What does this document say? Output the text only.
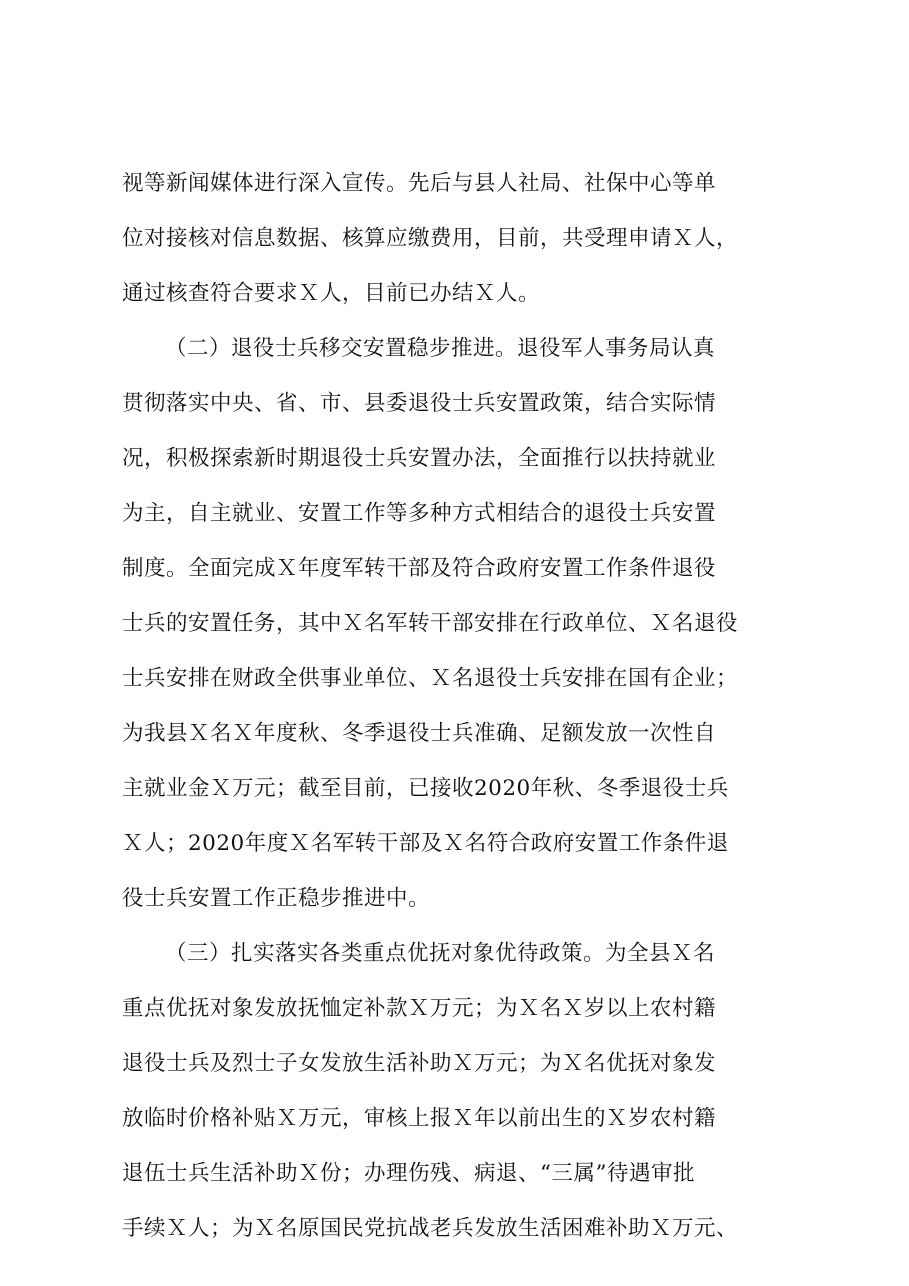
视等新闻媒体进行深入宣传。先后与县人社局、社保中心等单
位对接核对信息数据、核算应缴费用，目前，共受理申请Ｘ人，
通过核查符合要求Ｘ人，目前已办结Ｘ人。
（二）退役士兵移交安置稳步推进。退役军人事务局认真
贯彻落实中央、省、市、县委退役士兵安置政策，结合实际情
况，积极探索新时期退役士兵安置办法，全面推行以扶持就业
为主，自主就业、安置工作等多种方式相结合的退役士兵安置
制度。全面完成Ｘ年度军转干部及符合政府安置工作条件退役
士兵的安置任务，其中Ｘ名军转干部安排在行政单位、Ｘ名退役
士兵安排在财政全供事业单位、Ｘ名退役士兵安排在国有企业；
为我县Ｘ名Ｘ年度秋、冬季退役士兵准确、足额发放一次性自
主就业金Ｘ万元；截至目前，已接收2020年秋、冬季退役士兵
Ｘ人；2020年度Ｘ名军转干部及Ｘ名符合政府安置工作条件退
役士兵安置工作正稳步推进中。
（三）扎实落实各类重点优抚对象优待政策。为全县Ｘ名
重点优抚对象发放抚恤定补款Ｘ万元；为Ｘ名Ｘ岁以上农村籍
退役士兵及烈士子女发放生活补助Ｘ万元；为Ｘ名优抚对象发
放临时价格补贴Ｘ万元，审核上报Ｘ年以前出生的Ｘ岁农村籍
退伍士兵生活补助Ｘ份；办理伤残、病退、“三属”待遇审批
手续Ｘ人；为Ｘ名原国民党抗战老兵发放生活困难补助Ｘ万元、
